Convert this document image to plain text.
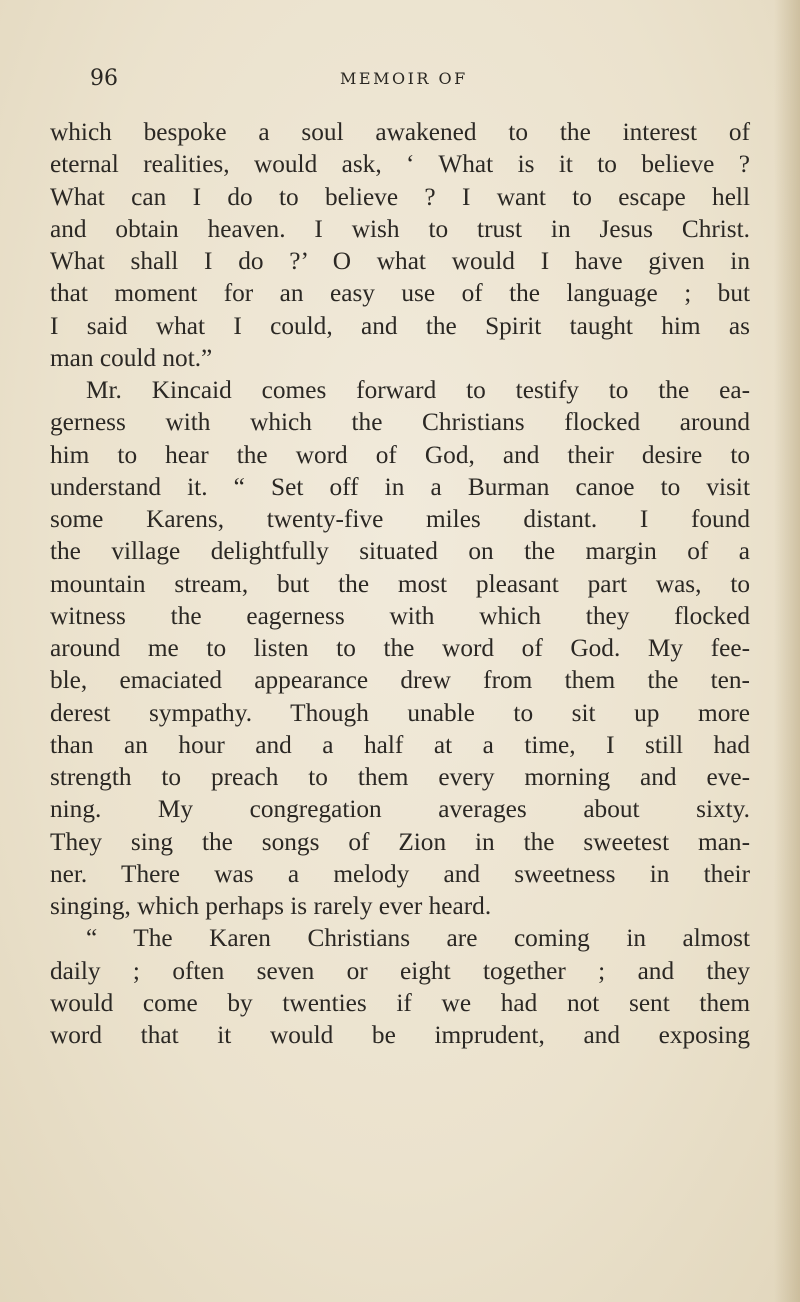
96	MEMOIR OF
which bespoke a soul awakened to the interest of
eternal realities, would ask, ‘ What is it to believe ?
What can I do to believe ? I want to escape hell
and obtain heaven. I wish to trust in Jesus Christ.
What shall I do ?’ O what would I have given in
that moment for an easy use of the language ; but
I said what I could, and the Spirit taught him as
man could not.”
Mr. Kincaid comes forward to testify to the ea-
gerness with which the Christians flocked around
him to hear the word of God, and their desire to
understand it. “ Set off in a Burman canoe to visit
some Karens, twenty-five miles distant. I found
the village delightfully situated on the margin of a
mountain stream, but the most pleasant part was, to
witness the eagerness with which they flocked
around me to listen to the word of God. My fee-
ble, emaciated appearance drew from them the ten-
derest sympathy. Though unable to sit up more
than an hour and a half at a time, I still had
strength to preach to them every morning and eve-
ning. My congregation averages about sixty.
They sing the songs of Zion in the sweetest man-
ner. There was a melody and sweetness in their
singing, which perhaps is rarely ever heard.
“ The Karen Christians are coming in almost
daily ; often seven or eight together ; and they
would come by twenties if we had not sent them
word that it would be imprudent, and exposing
